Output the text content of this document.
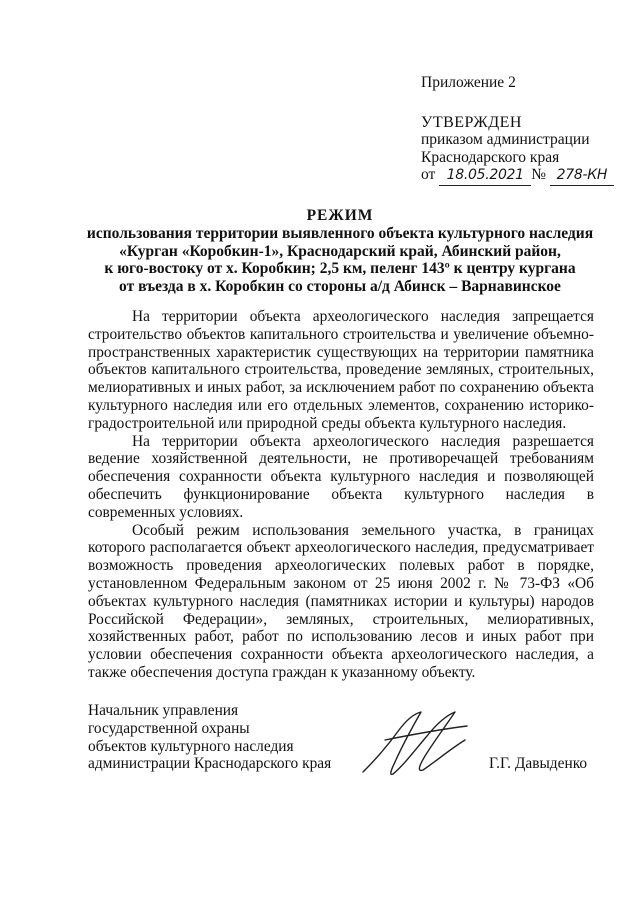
Приложение 2
УТВЕРЖДЕН
приказом администрации
Краснодарского края
от 18.05.2021 № 278-КН
РЕЖИМ
использования территории выявленного объекта культурного наследия
«Курган «Коробкин-1», Краснодарский край, Абинский район,
к юго-востоку от х. Коробкин; 2,5 км, пеленг 143º к центру кургана
от въезда в х. Коробкин со стороны а/д Абинск – Варнавинское

На территории объекта археологического наследия запрещается строительство объектов капитального строительства и увеличение объемно-пространственных характеристик существующих на территории памятника объектов капитального строительства, проведение земляных, строительных, мелиоративных и иных работ, за исключением работ по сохранению объекта культурного наследия или его отдельных элементов, сохранению историко-градостроительной или природной среды объекта культурного наследия.

На территории объекта археологического наследия разрешается ведение хозяйственной деятельности, не противоречащей требованиям обеспечения сохранности объекта культурного наследия и позволяющей обеспечить функционирование объекта культурного наследия в современных условиях.

Особый режим использования земельного участка, в границах которого располагается объект археологического наследия, предусматривает возможность проведения археологических полевых работ в порядке, установленном Федеральным законом от 25 июня 2002 г. № 73-ФЗ «Об объектах культурного наследия (памятниках истории и культуры) народов Российской Федерации», земляных, строительных, мелиоративных, хозяйственных работ, работ по использованию лесов и иных работ при условии обеспечения сохранности объекта археологического наследия, а также обеспечения доступа граждан к указанному объекту.

Начальник управления
государственной охраны
объектов культурного наследия
администрации Краснодарского края	Г.Г. Давыденко
